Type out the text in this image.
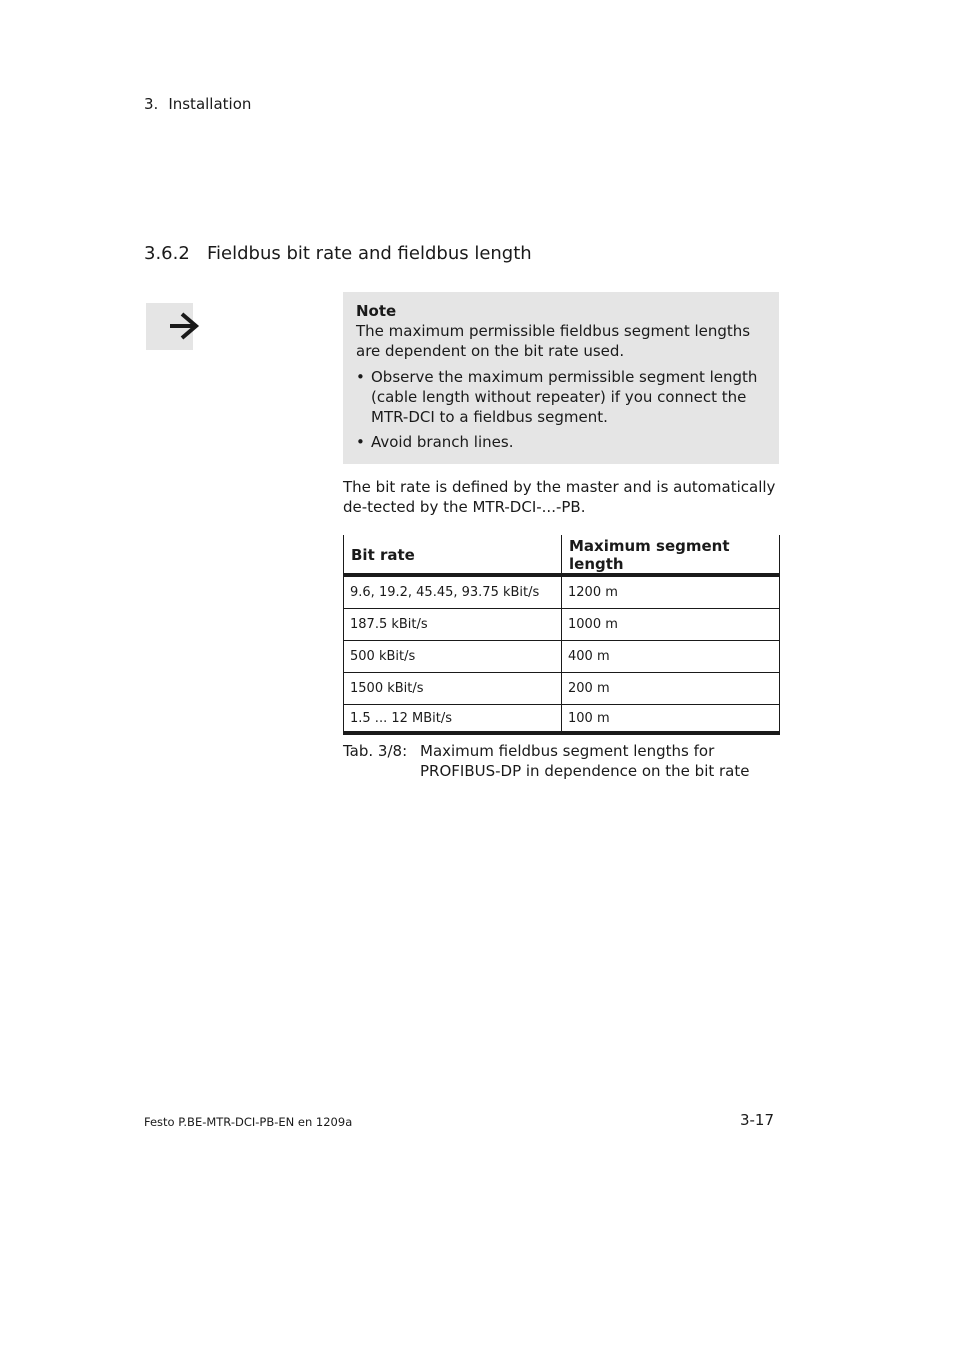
3. Installation
3.6.2 Fieldbus bit rate and fieldbus length
Note
The maximum permissible fieldbus segment lengths are dependent on the bit rate used.
• Observe the maximum permissible segment length (cable length without repeater) if you connect the MTR-DCI to a fieldbus segment.
• Avoid branch lines.
The bit rate is defined by the master and is automatically de-tected by the MTR-DCI-...-PB.
Bit rate	Maximum segment length
9.6, 19.2, 45.45, 93.75 kBit/s	1200 m
187.5 kBit/s	1000 m
500 kBit/s	400 m
1500 kBit/s	200 m
1.5 ... 12 MBit/s	100 m
Tab. 3/8: Maximum fieldbus segment lengths for PROFIBUS-DP in dependence on the bit rate
Festo P.BE-MTR-DCI-PB-EN en 1209a	3-17
